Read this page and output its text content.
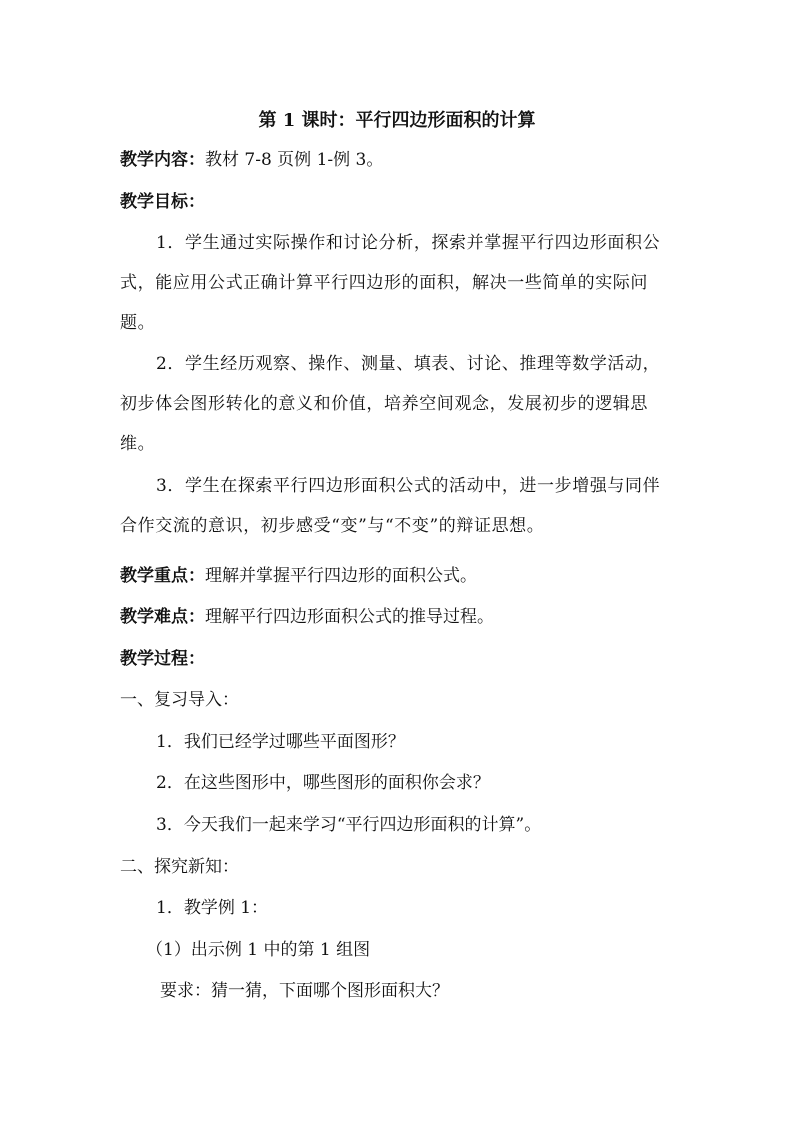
第 1 课时：平行四边形面积的计算
教学内容：教材 7-8 页例 1-例 3。
教学目标：
1．学生通过实际操作和讨论分析，探索并掌握平行四边形面积公式，能应用公式正确计算平行四边形的面积，解决一些简单的实际问题。
2．学生经历观察、操作、测量、填表、讨论、推理等数学活动，初步体会图形转化的意义和价值，培养空间观念，发展初步的逻辑思维。
3．学生在探索平行四边形面积公式的活动中，进一步增强与同伴合作交流的意识，初步感受“变”与“不变”的辩证思想。
教学重点：理解并掌握平行四边形的面积公式。
教学难点：理解平行四边形面积公式的推导过程。
教学过程：
一、复习导入：
1．我们已经学过哪些平面图形？
2．在这些图形中，哪些图形的面积你会求？
3．今天我们一起来学习“平行四边形面积的计算”。
二、探究新知：
1．教学例 1：
（1）出示例 1 中的第 1 组图
要求：猜一猜，下面哪个图形面积大？
